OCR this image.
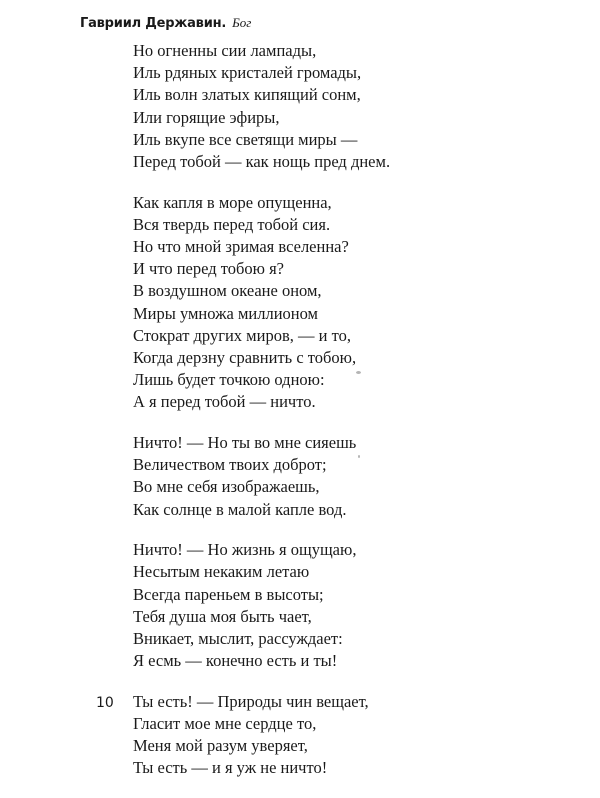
Гавриил Державин. Бог
Но огненны сии лампады,
Иль рдяных кристалей громады,
Иль волн златых кипящий сонм,
Или горящие эфиры,
Иль вкупе все светящи миры —
Перед тобой — как нощь пред днем.
Как капля в море опущенна,
Вся твердь перед тобой сия.
Но что мной зримая вселенна?
И что перед тобою я?
В воздушном океане оном,
Миры умножа миллионом
Стократ других миров, — и то,
Когда дерзну сравнить с тобою,
Лишь будет точкою одною:
А я перед тобой — ничто.
Ничто! — Но ты во мне сияешь
Величеством твоих доброт;
Во мне себя изображаешь,
Как солнце в малой капле вод.
Ничто! — Но жизнь я ощущаю,
Несытым некаким летаю
Всегда пареньем в высоты;
Тебя душа моя быть чает,
Вникает, мыслит, рассуждает:
Я есмь — конечно есть и ты!
Ты есть! — Природы чин вещает,
Гласит мое мне сердце то,
Меня мой разум уверяет,
Ты есть — и я уж не ничто!
10
